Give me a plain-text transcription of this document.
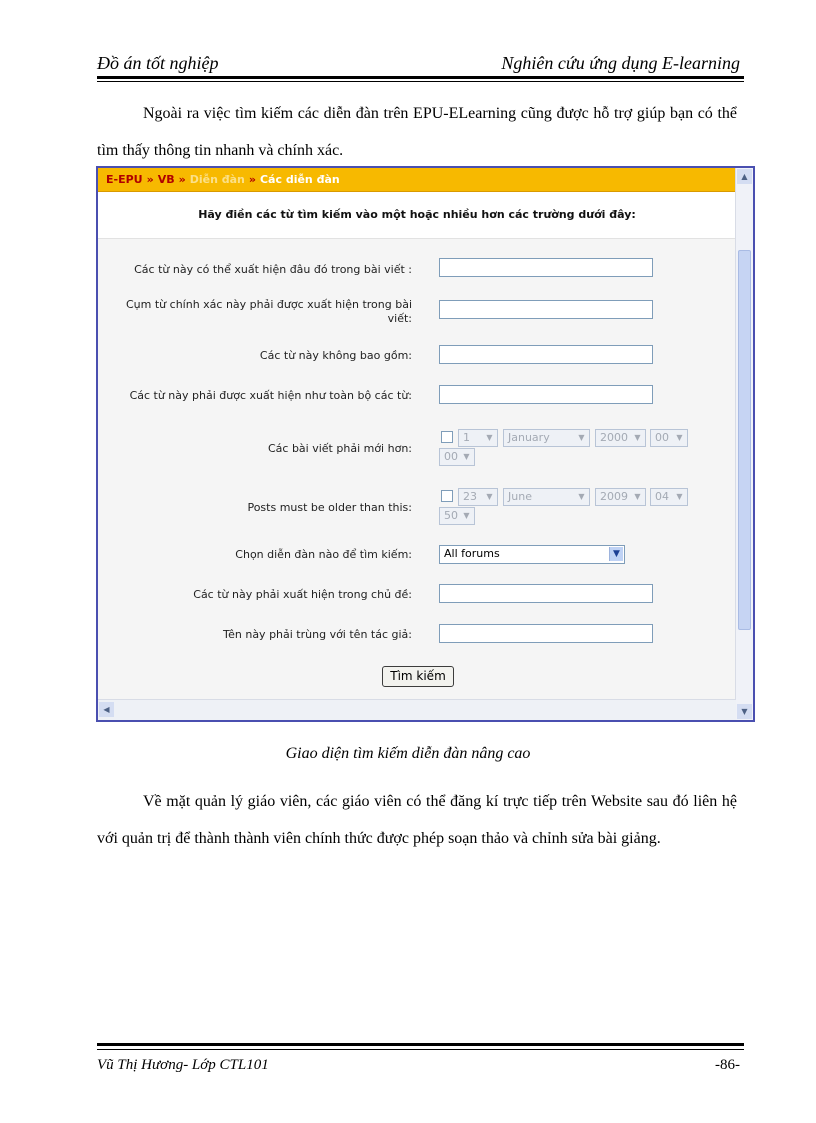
Đồ án tốt nghiệp	Nghiên cứu ứng dụng E-learning
Ngoài ra việc tìm kiếm các diễn đàn trên EPU-ELearning cũng được hỗ trợ giúp bạn có thể tìm thấy thông tin nhanh và chính xác.
E-EPU » VB » Diễn đàn » Các diễn đàn
Hãy điền các từ tìm kiếm vào một hoặc nhiều hơn các trường dưới đây:
Các từ này có thể xuất hiện đâu đó trong bài viết :
Cụm từ chính xác này phải được xuất hiện trong bài viết:
Các từ này không bao gồm:
Các từ này phải được xuất hiện như toàn bộ các từ:
Các bài viết phải mới hơn:
1	▼	January	▼	2000 ▼	00 ▼
00 ▼
Posts must be older than this:
23	▼	June	▼	2009 ▼	04 ▼
50 ▼
Chọn diễn đàn nào để tìm kiếm:	All forums	▼
Các từ này phải xuất hiện trong chủ đề:
Tên này phải trùng với tên tác giả:
Tìm kiếm
▲
▼
◀
Giao diện tìm kiếm diễn đàn nâng cao
Về mặt quản lý giáo viên, các giáo viên có thể đăng kí trực tiếp trên Website sau đó liên hệ với quản trị để thành thành viên chính thức được phép soạn thảo và chỉnh sửa bài giảng.
Vũ Thị Hương- Lớp CTL101	-86-
